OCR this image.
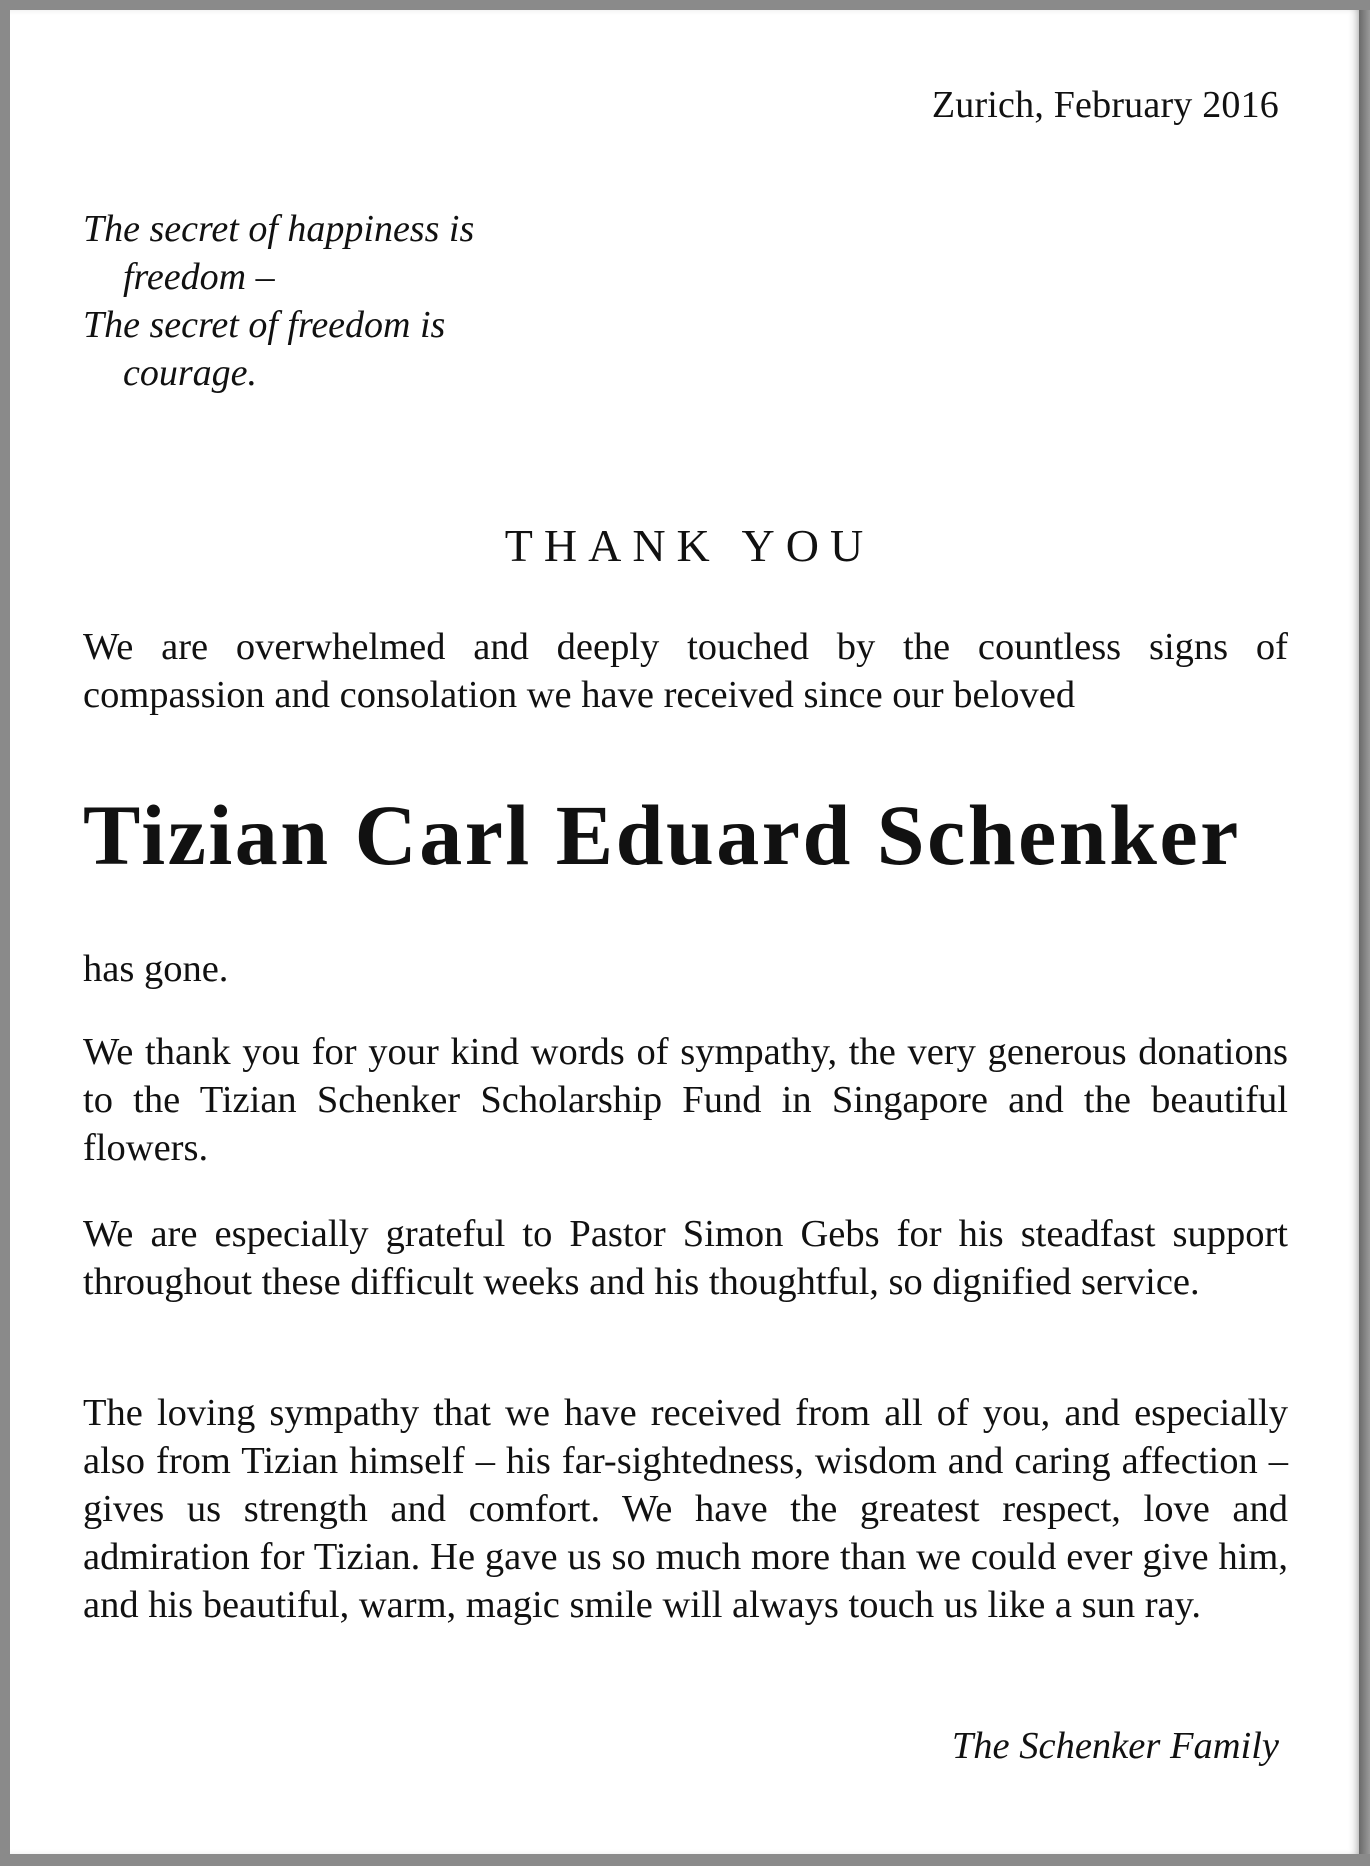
Zurich, February 2016
The secret of happiness is
freedom –
The secret of freedom is
courage.
THANK YOU
We are overwhelmed and deeply touched by the countless signs of compassion and consolation we have received since our beloved
Tizian Carl Eduard Schenker
has gone.
We thank you for your kind words of sympathy, the very generous donations to the Tizian Schenker Scholarship Fund in Singapore and the beautiful flowers.
We are especially grateful to Pastor Simon Gebs for his steadfast support throughout these difficult weeks and his thoughtful, so dignified service.
The loving sympathy that we have received from all of you, and especially also from Tizian himself – his far-sightedness, wisdom and caring affection – gives us strength and comfort. We have the greatest respect, love and admiration for Tizian. He gave us so much more than we could ever give him, and his beautiful, warm, magic smile will always touch us like a sun ray.
The Schenker Family
